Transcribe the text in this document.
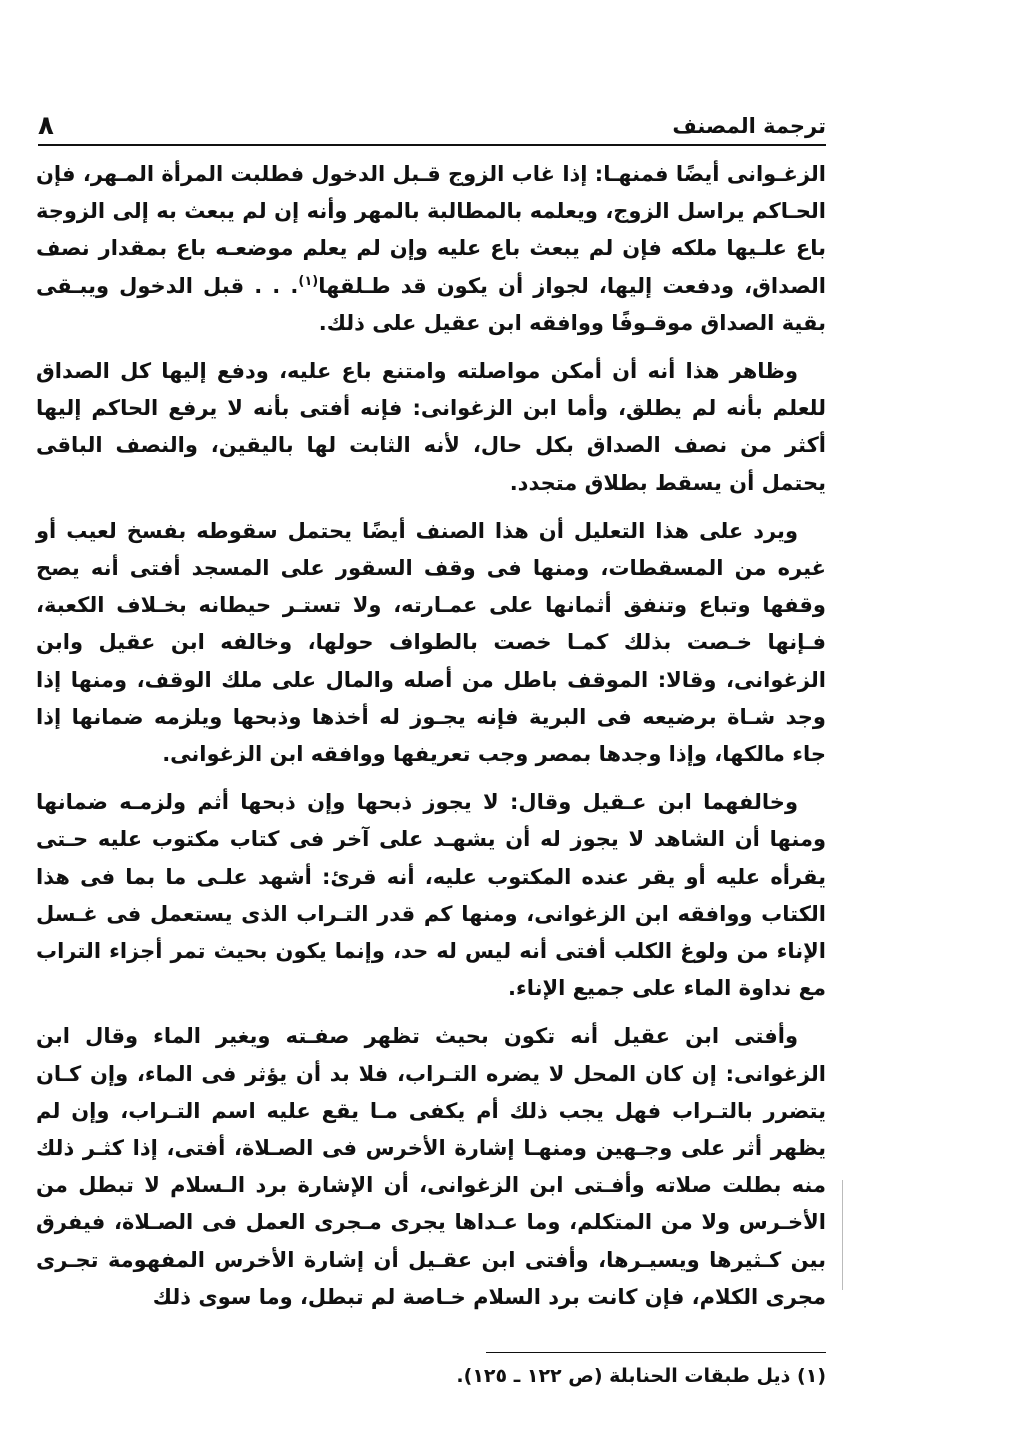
ترجمة المصنف
٨

الزغـوانى أيضًا فمنهـا: إذا غاب الزوج قـبل الدخول فطلبت المرأة المـهر، فإن الحـاكم يراسل الزوج، ويعلمه بالمطالبة بالمهر وأنه إن لم يبعث به إلى الزوجة باع علـيها ملكه فإن لم يبعث باع عليه وإن لم يعلم موضعـه باع بمقدار نصف الصداق، ودفعت إليها، لجواز أن يكون قد طـلقها$^{(١)}$. . . قبل الدخول ويبـقى بقية الصداق موقـوفًا ووافقه ابن عقيل على ذلك.

وظاهر هذا أنه أن أمكن مواصلته وامتنع باع عليه، ودفع إليها كل الصداق للعلم بأنه لم يطلق، وأما ابن الزغوانى: فإنه أفتى بأنه لا يرفع الحاكم إليها أكثر من نصف الصداق بكل حال، لأنه الثابت لها باليقين، والنصف الباقى يحتمل أن يسقط بطلاق متجدد.

ويرد على هذا التعليل أن هذا الصنف أيضًا يحتمل سقوطه بفسخ لعيب أو غيره من المسقطات، ومنها فى وقف السقور على المسجد أفتى أنه يصح وقفها وتباع وتنفق أثمانها على عمـارته، ولا تستـر حيطانه بخـلاف الكعبة، فـإنها خـصت بذلك كمـا خصت بالطواف حولها، وخالفه ابن عقيل وابن الزغوانى، وقالا: الموقف باطل من أصله والمال على ملك الوقف، ومنها إذا وجد شـاة برضيعه فى البرية فإنه يجـوز له أخذها وذبحها ويلزمه ضمانها إذا جاء مالكها، وإذا وجدها بمصر وجب تعريفها ووافقه ابن الزغوانى.

وخالفهما ابن عـقيل وقال: لا يجوز ذبحها وإن ذبحها أثم ولزمـه ضمانها ومنها أن الشاهد لا يجوز له أن يشهـد على آخر فى كتاب مكتوب عليه حـتى يقرأه عليه أو يقر عنده المكتوب عليه، أنه قرئ: أشهد علـى ما بما فى هذا الكتاب ووافقه ابن الزغوانى، ومنها كم قدر التـراب الذى يستعمل فى غـسل الإناء من ولوغ الكلب أفتى أنه ليس له حد، وإنما يكون بحيث تمر أجزاء التراب مع نداوة الماء على جميع الإناء.

وأفتى ابن عقيل أنه تكون بحيث تظهر صفـته ويغير الماء وقال ابن الزغوانى: إن كان المحل لا يضره التـراب، فلا بد أن يؤثر فى الماء، وإن كـان يتضرر بالتـراب فهل يجب ذلك أم يكفى مـا يقع عليه اسم التـراب، وإن لم يظهر أثر على وجـهين ومنهـا إشارة الأخرس فى الصـلاة، أفتى، إذا كثـر ذلك منه بطلت صلاته وأفـتى ابن الزغوانى، أن الإشارة برد الـسلام لا تبطل من الأخـرس ولا من المتكلم، وما عـداها يجرى مـجرى العمل فى الصـلاة، فيفرق بين كـثيرها ويسيـرها، وأفتى ابن عقـيل أن إشارة الأخرس المفهومة تجـرى مجرى الكلام، فإن كانت برد السلام خـاصة لم تبطل، وما سوى ذلك

(١) ذيل طبقات الحنابلة (ص ١٢٢ ـ ١٢٥).
